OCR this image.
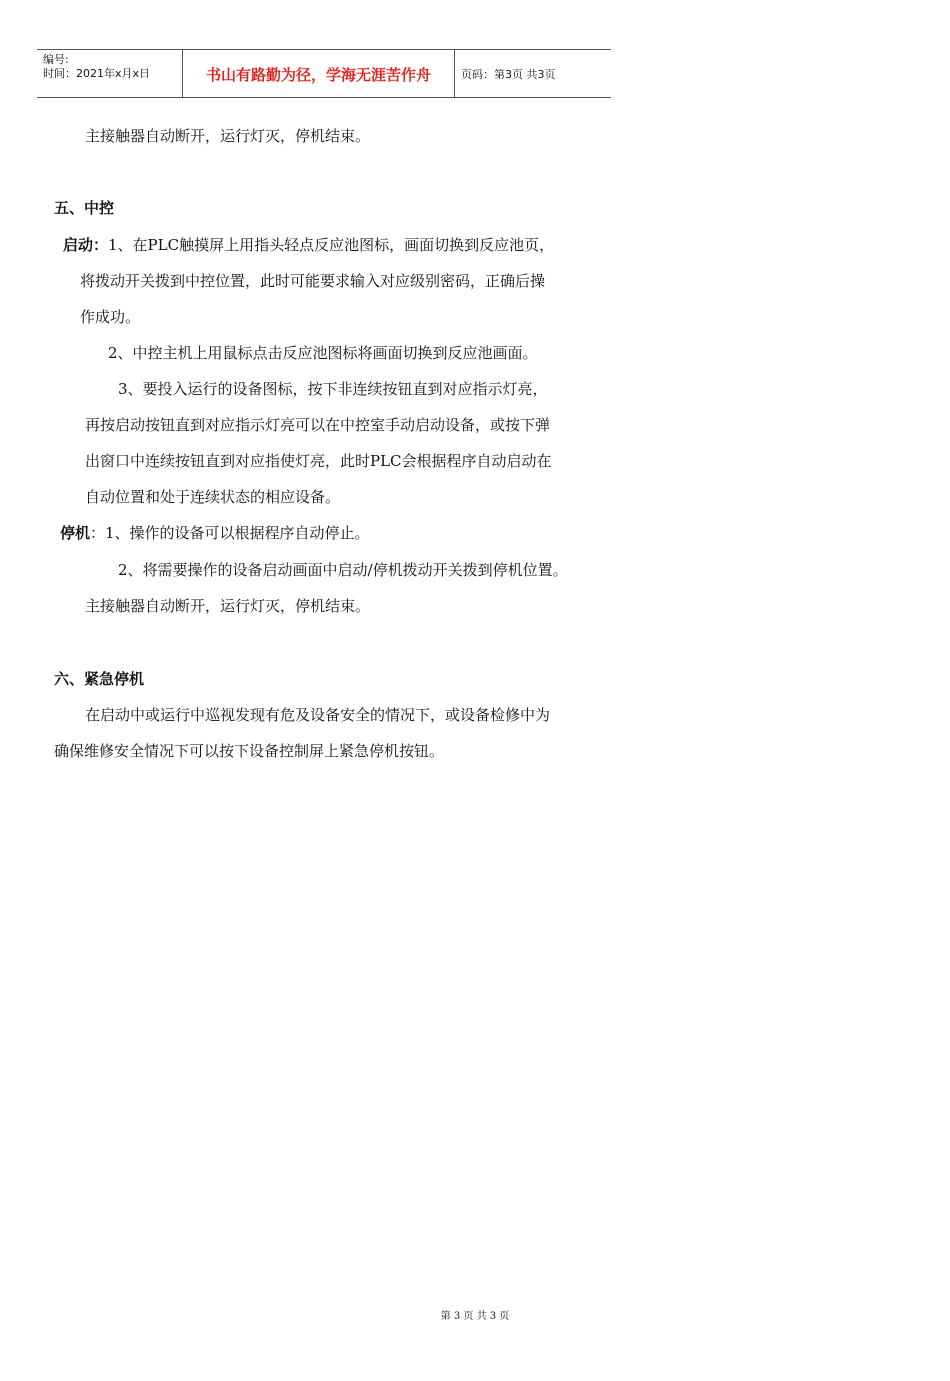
编号:
时间：2021年x月x日	书山有路勤为径，学海无涯苦作舟	页码：第3页 共3页
主接触器自动断开，运行灯灭，停机结束。
五、中控
启动：1、在PLC触摸屏上用指头轻点反应池图标，画面切换到反应池页，
将拨动开关拨到中控位置，此时可能要求输入对应级别密码，正确后操
作成功。
2、中控主机上用鼠标点击反应池图标将画面切换到反应池画面。
3、要投入运行的设备图标，按下非连续按钮直到对应指示灯亮，
再按启动按钮直到对应指示灯亮可以在中控室手动启动设备，或按下弹
出窗口中连续按钮直到对应指使灯亮，此时PLC会根据程序自动启动在
自动位置和处于连续状态的相应设备。
停机：1、操作的设备可以根据程序自动停止。
2、将需要操作的设备启动画面中启动/停机拨动开关拨到停机位置。
主接触器自动断开，运行灯灭，停机结束。
六、紧急停机
在启动中或运行中巡视发现有危及设备安全的情况下，或设备检修中为
确保维修安全情况下可以按下设备控制屏上紧急停机按钮。
第 3 页 共 3 页
